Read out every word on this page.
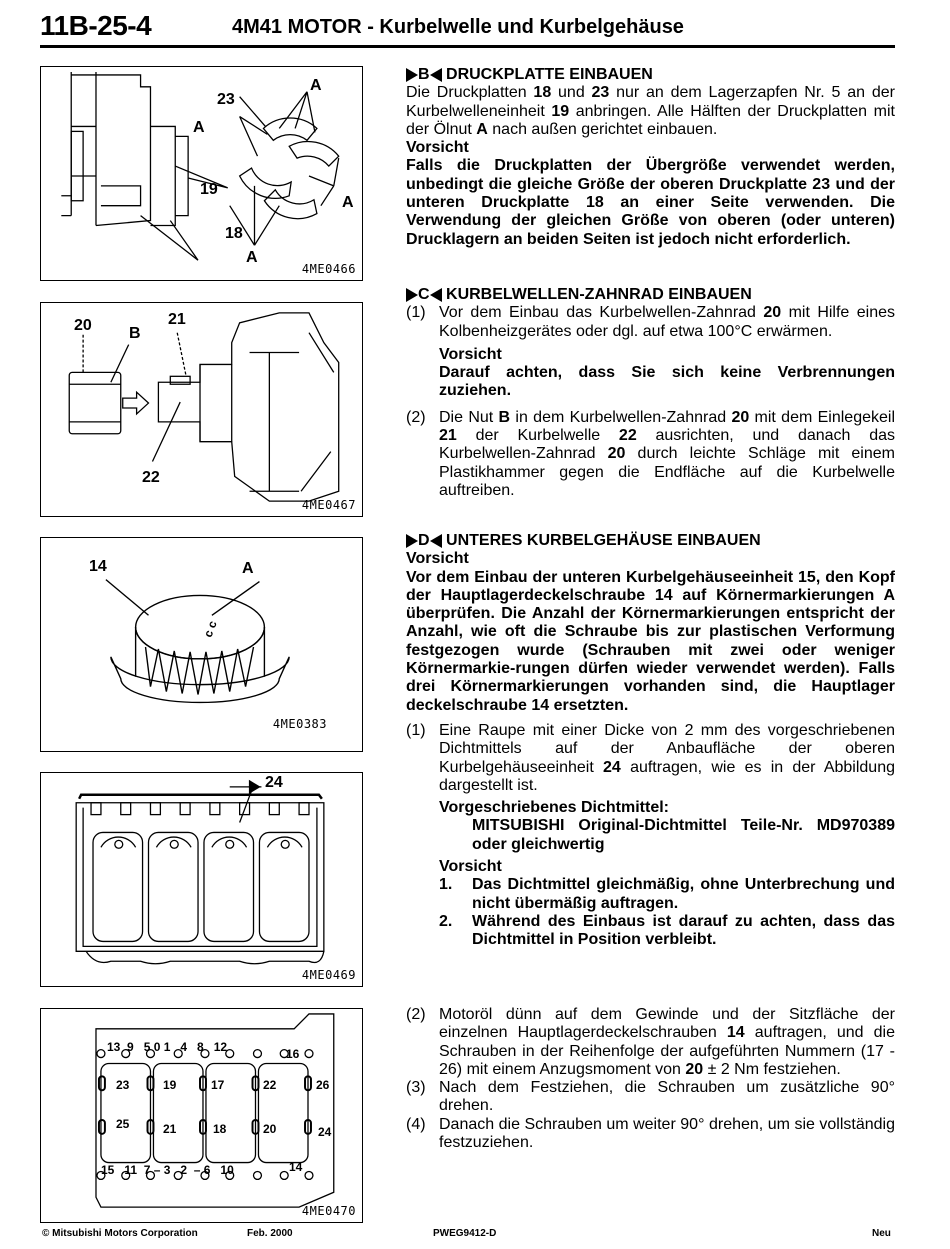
11B-25-4	4M41 MOTOR - Kurbelwelle und Kurbelgehäuse
A
23
A
19
A
18
A
4ME0466
20 B
21
22
4ME0467
c c
14	A
4ME0383
24
4ME0469
13  9   5 0 1   4   8   12	16
23	19	17	22	26
25	21	18	20	24
15   11  7 – 3   2  – 6   10	14
4ME0470
B
DRUCKPLATTE EINBAUEN
Die Druckplatten 18 und 23 nur an dem Lagerzapfen Nr. 5 an der Kurbelwelleneinheit 19 anbringen. Alle Hälften der Druckplatten mit der Ölnut A nach außen gerichtet einbauen.
Vorsicht
Falls die Druckplatten der Übergröße verwendet werden, unbedingt die gleiche Größe der oberen Druckplatte 23 und der unteren Druckplatte 18 an einer Seite verwenden. Die Verwendung der gleichen Größe von oberen (oder unteren) Drucklagern an beiden Seiten ist jedoch nicht erforderlich.
C
KURBELWELLEN-ZAHNRAD EINBAUEN
(1) Vor dem Einbau das Kurbelwellen-Zahnrad 20 mit Hilfe eines Kolbenheizgerätes oder dgl. auf etwa 100°C erwärmen.
Vorsicht
Darauf achten, dass Sie sich keine Verbrennungen zuziehen.
(2) Die Nut B in dem Kurbelwellen-Zahnrad 20 mit dem Einlegekeil 21 der Kurbelwelle 22 ausrichten, und danach das Kurbelwellen-Zahnrad 20 durch leichte Schläge mit einem Plastikhammer gegen die Endfläche auf die Kurbelwelle auftreiben.
D
UNTERES KURBELGEHÄUSE EINBAUEN
Vorsicht
Vor dem Einbau der unteren Kurbelgehäuseeinheit 15, den Kopf der Hauptlagerdeckelschraube 14 auf Körnermarkierungen A überprüfen. Die Anzahl der Körnermarkierungen entspricht der Anzahl, wie oft die Schraube bis zur plastischen Verformung festgezogen wurde (Schrauben mit zwei oder weniger Körnermarkie-rungen dürfen wieder verwendet werden). Falls drei Körnermarkierungen vorhanden sind, die Hauptlager deckelschraube 14 ersetzten.
(1) Eine Raupe mit einer Dicke von 2 mm des vorgeschriebenen Dichtmittels auf der Anbaufläche der oberen Kurbelgehäuseeinheit 24 auftragen, wie es in der Abbildung dargestellt ist.
Vorgeschriebenes Dichtmittel:
MITSUBISHI Original-Dichtmittel Teile-Nr. MD970389 oder gleichwertig
Vorsicht
1.	Das Dichtmittel gleichmäßig, ohne Unterbrechung und nicht übermäßig auftragen.
2.	Während des Einbaus ist darauf zu achten, dass das Dichtmittel in Position verbleibt.
(2) Motoröl dünn auf dem Gewinde und der Sitzfläche der einzelnen Hauptlagerdeckelschrauben 14 auftragen, und die Schrauben in der Reihenfolge der aufgeführten Nummern (17 - 26) mit einem Anzugsmoment von 20 ± 2 Nm festziehen.
(3) Nach dem Festziehen, die Schrauben um zusätzliche 90° drehen.
(4) Danach die Schrauben um weiter 90° drehen, um sie vollständig festzuziehen.
© Mitsubishi Motors Corporation	Feb. 2000	PWEG9412-D	Neu
